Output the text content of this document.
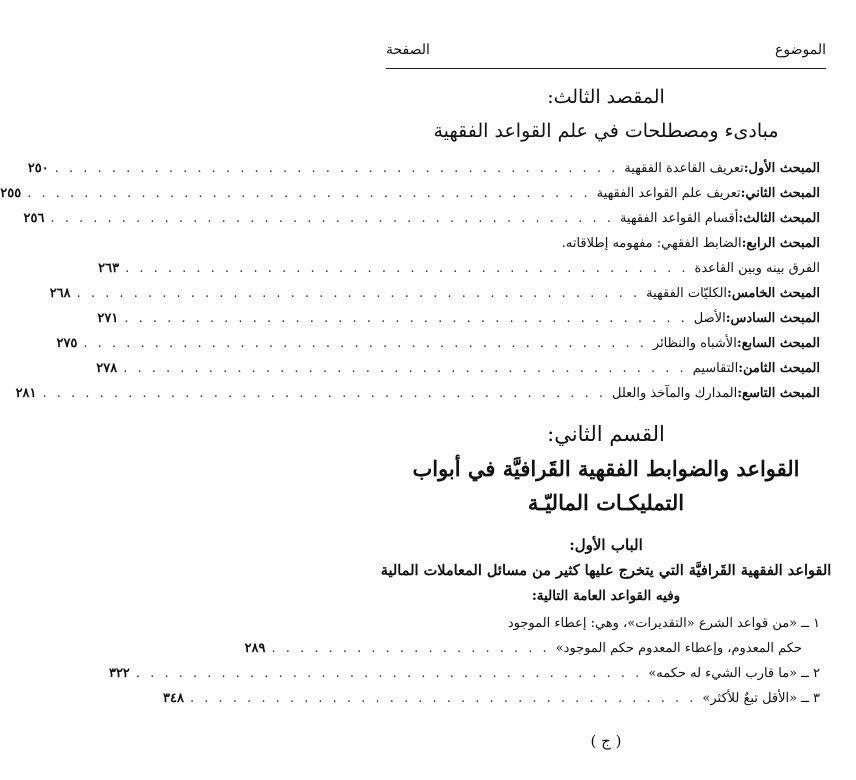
الموضوع
الصفحة
المقصد الثالث:
مبادىء ومصطلحات في علم القواعد الفقهية
المبحث الأول:
تعريف القاعدة الفقهية
. . . . . . . . . . . . . . . . . . . . . . . . . . . . . . . . . . . . . . . .
٢٥٠
المبحث الثاني:
تعريف علم القواعد الفقهية
. . . . . . . . . . . . . . . . . . . . . . . . . . . . . . . . . . . . . . . .
٢٥٥
المبحث الثالث:
أقسام القواعد الفقهية
. . . . . . . . . . . . . . . . . . . . . . . . . . . . . . . . . . . . . . . .
٢٥٦
المبحث الرابع:
الضابط الفقهي: مفهومه إطلاقاته.
الفرق بينه وبين القاعدة
. . . . . . . . . . . . . . . . . . . . . . . . . . . . . . . . . . . . . . . .
٢٦٣
المبحث الخامس:
الكليّات الفقهية
. . . . . . . . . . . . . . . . . . . . . . . . . . . . . . . . . . . . . . . .
٢٦٨
المبحث السادس:
الأصل
. . . . . . . . . . . . . . . . . . . . . . . . . . . . . . . . . . . . . . . .
٢٧١
المبحث السابع:
الأشباه والنظائر
. . . . . . . . . . . . . . . . . . . . . . . . . . . . . . . . . . . . . . . .
٢٧٥
المبحث الثامن:
التقاسيم
. . . . . . . . . . . . . . . . . . . . . . . . . . . . . . . . . . . . . . . .
٢٧٨
المبحث التاسع:
المدارك والمآخذ والعلل
. . . . . . . . . . . . . . . . . . . . . . . . . . . . . . . . . . . . . . . .
٢٨١
القسم الثاني:
القواعد والضوابط الفقهية القَرافيَّة في أبواب
التمليكـات الماليّـة
الباب الأول:
القواعد الفقهية القَرافيَّة التي يتخرج عليها كثير من مسائل المعاملات المالية
وفيه القواعد العامة التالية:
١ ــ «من قواعد الشرع «التقديرات»، وهي: إعطاء الموجود
حكم المعدوم، وإعطاء المعدوم حكم الموجود»
. . . . . . . . . . . . . . . . . . . .
٢٨٩
٢ ــ «ما قارب الشيء له حكمه»
. . . . . . . . . . . . . . . . . . . . . . . . . . . . . . . . . . . .
٣٢٢
٣ ــ «الأقل تبعٌ للأكثر»
. . . . . . . . . . . . . . . . . . . . . . . . . . . . . . . . . . . .
٣٤٨
( ج )
